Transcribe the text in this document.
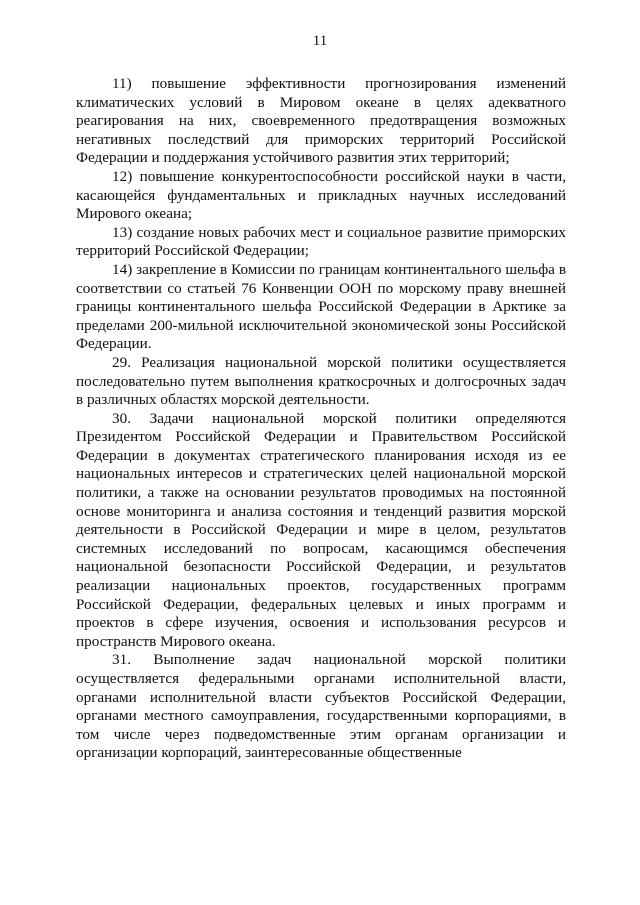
11

11) повышение эффективности прогнозирования изменений климатических условий в Мировом океане в целях адекватного реагирования на них, своевременного предотвращения возможных негативных последствий для приморских территорий Российской Федерации и поддержания устойчивого развития этих территорий;

12) повышение конкурентоспособности российской науки в части, касающейся фундаментальных и прикладных научных исследований Мирового океана;

13) создание новых рабочих мест и социальное развитие приморских территорий Российской Федерации;

14) закрепление в Комиссии по границам континентального шельфа в соответствии со статьей 76 Конвенции ООН по морскому праву внешней границы континентального шельфа Российской Федерации в Арктике за пределами 200-мильной исключительной экономической зоны Российской Федерации.

29. Реализация национальной морской политики осуществляется последовательно путем выполнения краткосрочных и долгосрочных задач в различных областях морской деятельности.

30. Задачи национальной морской политики определяются Президентом Российской Федерации и Правительством Российской Федерации в документах стратегического планирования исходя из ее национальных интересов и стратегических целей национальной морской политики, а также на основании результатов проводимых на постоянной основе мониторинга и анализа состояния и тенденций развития морской деятельности в Российской Федерации и мире в целом, результатов системных исследований по вопросам, касающимся обеспечения национальной безопасности Российской Федерации, и результатов реализации национальных проектов, государственных программ Российской Федерации, федеральных целевых и иных программ и проектов в сфере изучения, освоения и использования ресурсов и пространств Мирового океана.

31. Выполнение задач национальной морской политики осуществляется федеральными органами исполнительной власти, органами исполнительной власти субъектов Российской Федерации, органами местного самоуправления, государственными корпорациями, в том числе через подведомственные этим органам организации и организации корпораций, заинтересованные общественные
